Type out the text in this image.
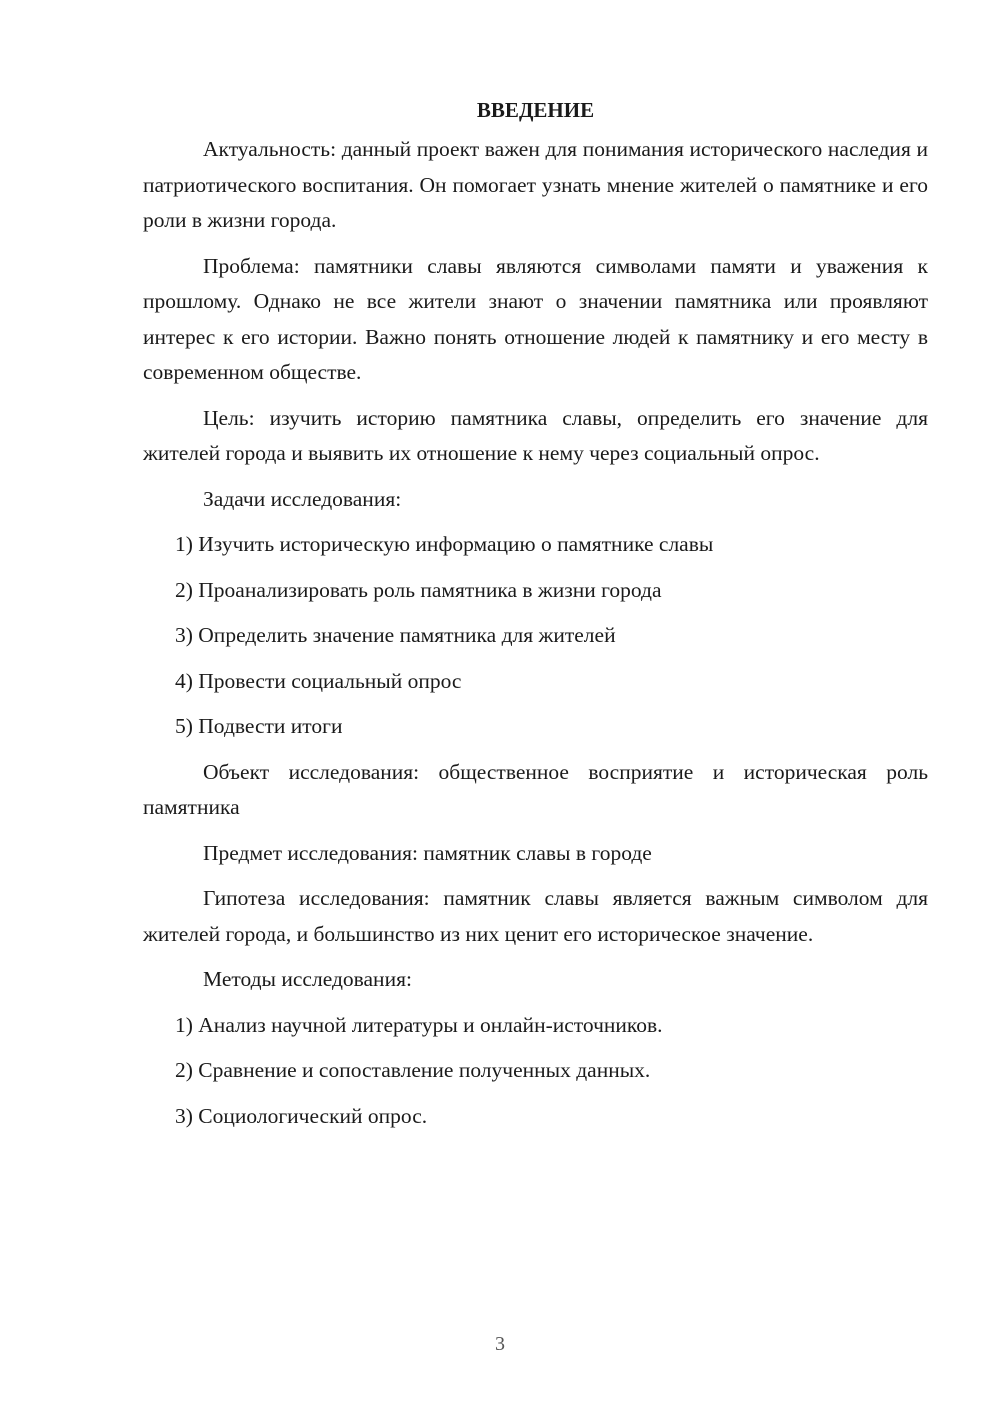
ВВЕДЕНИЕ

Актуальность: данный проект важен для понимания исторического наследия и патриотического воспитания. Он помогает узнать мнение жителей о памятнике и его роли в жизни города.

Проблема: памятники славы являются символами памяти и уважения к прошлому. Однако не все жители знают о значении памятника или проявляют интерес к его истории. Важно понять отношение людей к памятнику и его месту в современном обществе.

Цель: изучить историю памятника славы, определить его значение для жителей города и выявить их отношение к нему через социальный опрос.

Задачи исследования:

1) Изучить историческую информацию о памятнике славы
2) Проанализировать роль памятника в жизни города
3) Определить значение памятника для жителей
4) Провести социальный опрос
5) Подвести итоги

Объект исследования: общественное восприятие и историческая роль памятника

Предмет исследования: памятник славы в городе

Гипотеза исследования: памятник славы является важным символом для жителей города, и большинство из них ценит его историческое значение.

Методы исследования:

1) Анализ научной литературы и онлайн-источников.
2) Сравнение и сопоставление полученных данных.
3) Социологический опрос.
3
